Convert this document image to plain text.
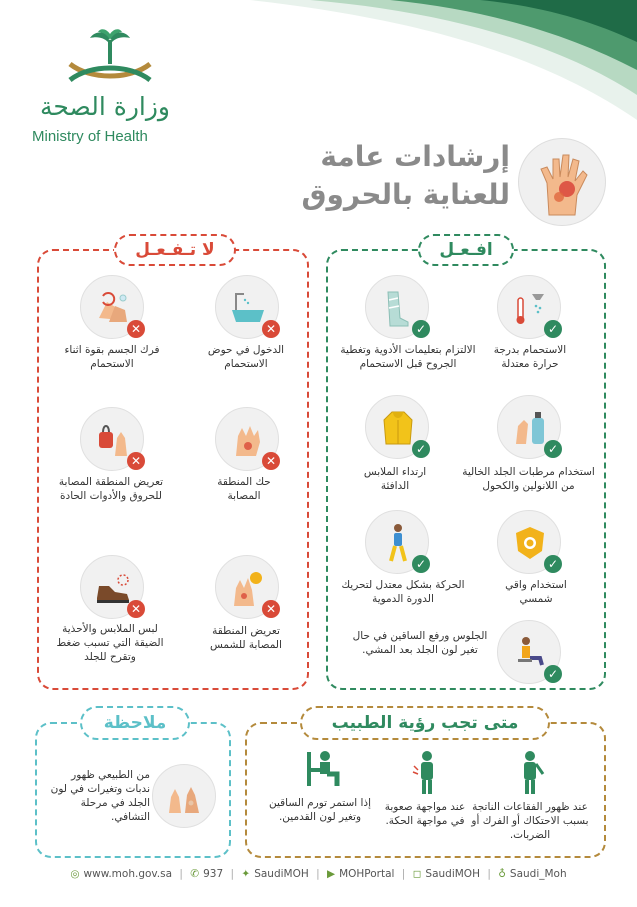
وزارة الصحة
Ministry of Health
إرشادات عامة
للعناية بالحروق
افـعـل
✓
الاستحمام بدرجة حرارة معتدلة
✓
الالتزام بتعليمات الأدوية وتغطية الجروح قبل الاستحمام
✓
استخدام مرطبات الجلد الخالية من اللانولين والكحول
✓
ارتداء الملابس الدافئة
✓
استخدام واقي شمسي
✓
الحركة بشكل معتدل لتحريك الدورة الدموية
✓
الجلوس ورفع الساقين في حال تغير لون الجلد بعد المشي.
لا تـفـعـل
✕
الدخول في حوض الاستحمام
✕
فرك الجسم بقوة اثناء الاستحمام
✕
حك المنطقة المصابة
✕
تعريض المنطقة المصابة للحروق والأدوات الحادة
✕
تعريض المنطقة المصابة للشمس
✕
لبس الملابس والأحذية الضيقة التي تسبب ضغط وتقرح للجلد
متى تجب رؤية الطبيب
عند ظهور الفقاعات الناتجة بسبب الاحتكاك أو الفرك أو الضربات.
عند مواجهة صعوبة في مواجهة الحكة.
إذا استمر تورم الساقين وتغير لون القدمين.
ملاحظة
من الطبيعي ظهور ندبات وتغيرات في لون الجلد في مرحلة التشافي.
◎ www.moh.gov.sa | ✆ 937 | ✦ SaudiMOH | ▶ MOHPortal | ◻ SaudiMOH | ♁ Saudi_Moh
